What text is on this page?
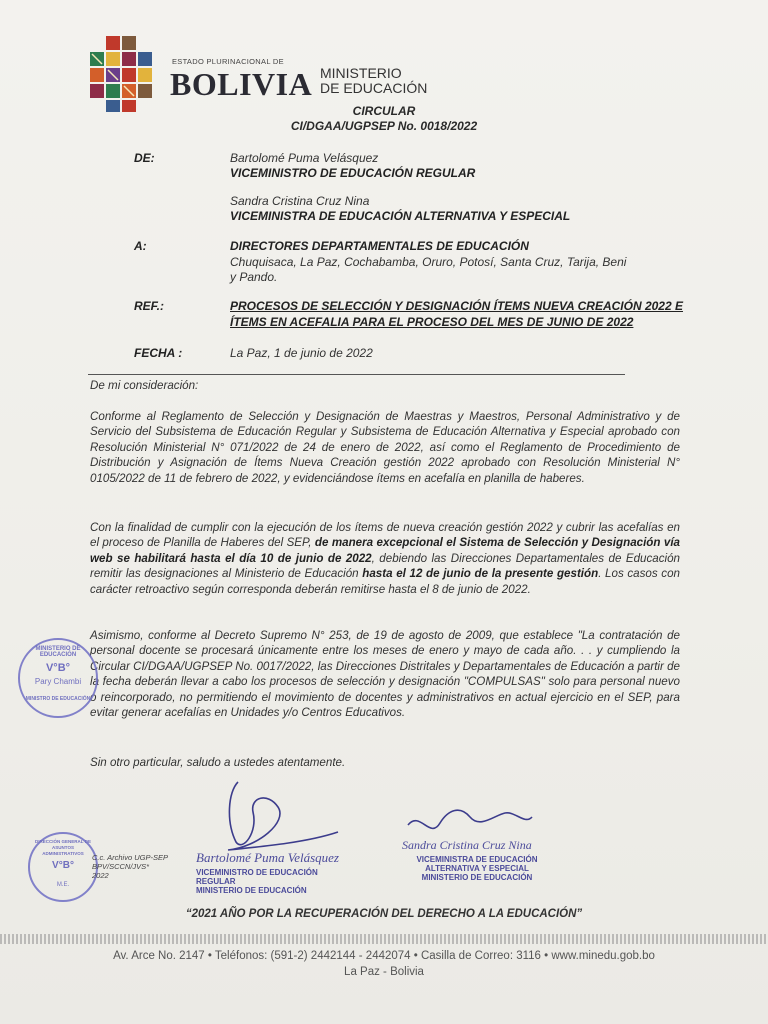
ESTADO PLURINACIONAL DE
BOLIVIA MINISTERIO
DE EDUCACIÓN
CIRCULAR
CI/DGAA/UGPSEP No. 0018/2022
DE:	Bartolomé Puma Velásquez
VICEMINISTRO DE EDUCACIÓN REGULAR
Sandra Cristina Cruz Nina
VICEMINISTRA DE EDUCACIÓN ALTERNATIVA Y ESPECIAL
A:	DIRECTORES DEPARTAMENTALES DE EDUCACIÓN
Chuquisaca, La Paz, Cochabamba, Oruro, Potosí, Santa Cruz, Tarija, Beni
y Pando.
REF.:	PROCESOS DE SELECCIÓN Y DESIGNACIÓN ÍTEMS NUEVA CREACIÓN 2022 E
ÍTEMS EN ACEFALIA PARA EL PROCESO DEL MES DE JUNIO DE 2022
FECHA :	La Paz, 1 de junio de 2022
De mi consideración:
Conforme al Reglamento de Selección y Designación de Maestras y Maestros, Personal Administrativo y de Servicio del Subsistema de Educación Regular y Subsistema de Educación Alternativa y Especial aprobado con Resolución Ministerial N° 071/2022 de 24 de enero de 2022, así como el Reglamento de Procedimiento de Distribución y Asignación de Ítems Nueva Creación gestión 2022 aprobado con Resolución Ministerial N° 0105/2022 de 11 de febrero de 2022, y evidenciándose ítems en acefalía en planilla de haberes.
Con la finalidad de cumplir con la ejecución de los ítems de nueva creación gestión 2022 y cubrir las acefalías en el proceso de Planilla de Haberes del SEP, de manera excepcional el Sistema de Selección y Designación vía web se habilitará hasta el día 10 de junio de 2022, debiendo las Direcciones Departamentales de Educación remitir las designaciones al Ministerio de Educación hasta el 12 de junio de la presente gestión. Los casos con carácter retroactivo según corresponda deberán remitirse hasta el 8 de junio de 2022.
Asimismo, conforme al Decreto Supremo N° 253, de 19 de agosto de 2009, que establece "La contratación de personal docente se procesará únicamente entre los meses de enero y mayo de cada año. . . y cumpliendo la Circular CI/DGAA/UGPSEP No. 0017/2022, las Direcciones Distritales y Departamentales de Educación a partir de la fecha deberán llevar a cabo los procesos de selección y designación "COMPULSAS" solo para personal nuevo o reincorporado, no permitiendo el movimiento de docentes y administrativos en actual ejercicio en el SEP, para evitar generar acefalías en Unidades y/o Centros Educativos.
Sin otro particular, saludo a ustedes atentamente.
MINISTERIO DE EDUCACIÓN
V°B°
Pary Chambi
MINISTRO DE EDUCACIÓN
DIRECCIÓN GENERAL DE ASUNTOS ADMINISTRATIVOS
V°B°
M.E.
C.c. Archivo UGP-SEP
BPV/SCCN/JVS*
2022
Bartolomé Puma Velásquez
VICEMINISTRO DE EDUCACIÓN REGULAR
MINISTERIO DE EDUCACIÓN
Sandra Cristina Cruz Nina
VICEMINISTRA DE EDUCACIÓN
ALTERNATIVA Y ESPECIAL
MINISTERIO DE EDUCACIÓN
“2021 AÑO POR LA RECUPERACIÓN DEL DERECHO A LA EDUCACIÓN”
Av. Arce No. 2147 • Teléfonos: (591-2) 2442144 - 2442074 • Casilla de Correo: 3116 • www.minedu.gob.bo
La Paz - Bolivia
